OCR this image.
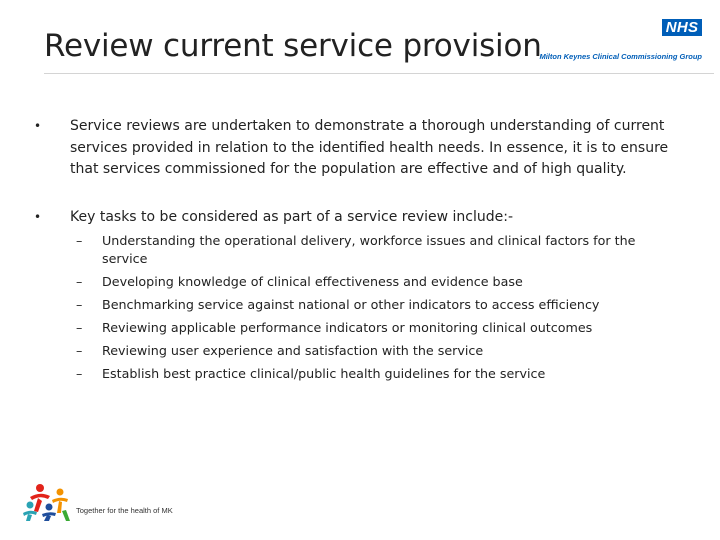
Review current service provision
NHS
Milton Keynes Clinical Commissioning Group
• Service reviews are undertaken to demonstrate a thorough understanding of current services provided in relation to the identified health needs. In essence, it is to ensure that services commissioned for the population are effective and of high quality.
• Key tasks to be considered as part of a service review include:-
– Understanding the operational delivery, workforce issues and clinical factors for the service
– Developing knowledge of clinical effectiveness and evidence base
– Benchmarking service against national or other indicators to access efficiency
– Reviewing applicable performance indicators or monitoring clinical outcomes
– Reviewing user experience and satisfaction with the service
– Establish best practice clinical/public health guidelines for the service
Together for the health of MK
